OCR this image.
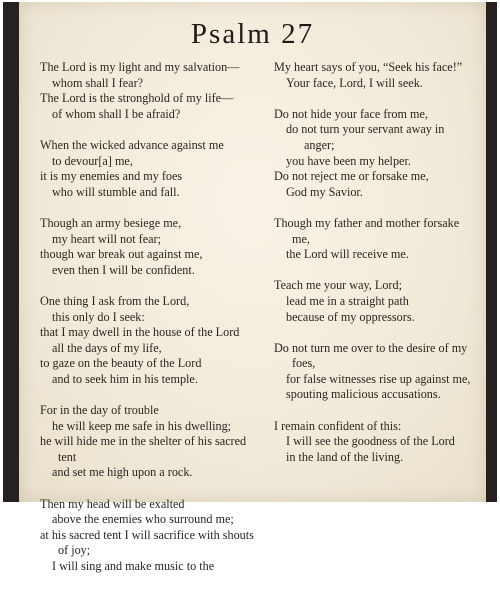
Psalm 27
The Lord is my light and my salvation—
whom shall I fear?
The Lord is the stronghold of my life—
of whom shall I be afraid?
When the wicked advance against me
to devour[a] me,
it is my enemies and my foes
who will stumble and fall.
Though an army besiege me,
my heart will not fear;
though war break out against me,
even then I will be confident.
One thing I ask from the Lord,
this only do I seek:
that I may dwell in the house of the Lord
all the days of my life,
to gaze on the beauty of the Lord
and to seek him in his temple.
For in the day of trouble
he will keep me safe in his dwelling;
he will hide me in the shelter of his sacred tent
and set me high upon a rock.
Then my head will be exalted
above the enemies who surround me;
at his sacred tent I will sacrifice with shouts of joy;
I will sing and make music to the
My heart says of you, “Seek his face!”
Your face, Lord, I will seek.
Do not hide your face from me,
do not turn your servant away in anger;
you have been my helper.
Do not reject me or forsake me,
God my Savior.
Though my father and mother forsake me,
the Lord will receive me.
Teach me your way, Lord;
lead me in a straight path
because of my oppressors.
Do not turn me over to the desire of my foes,
for false witnesses rise up against me,
spouting malicious accusations.
I remain confident of this:
I will see the goodness of the Lord
in the land of the living.
